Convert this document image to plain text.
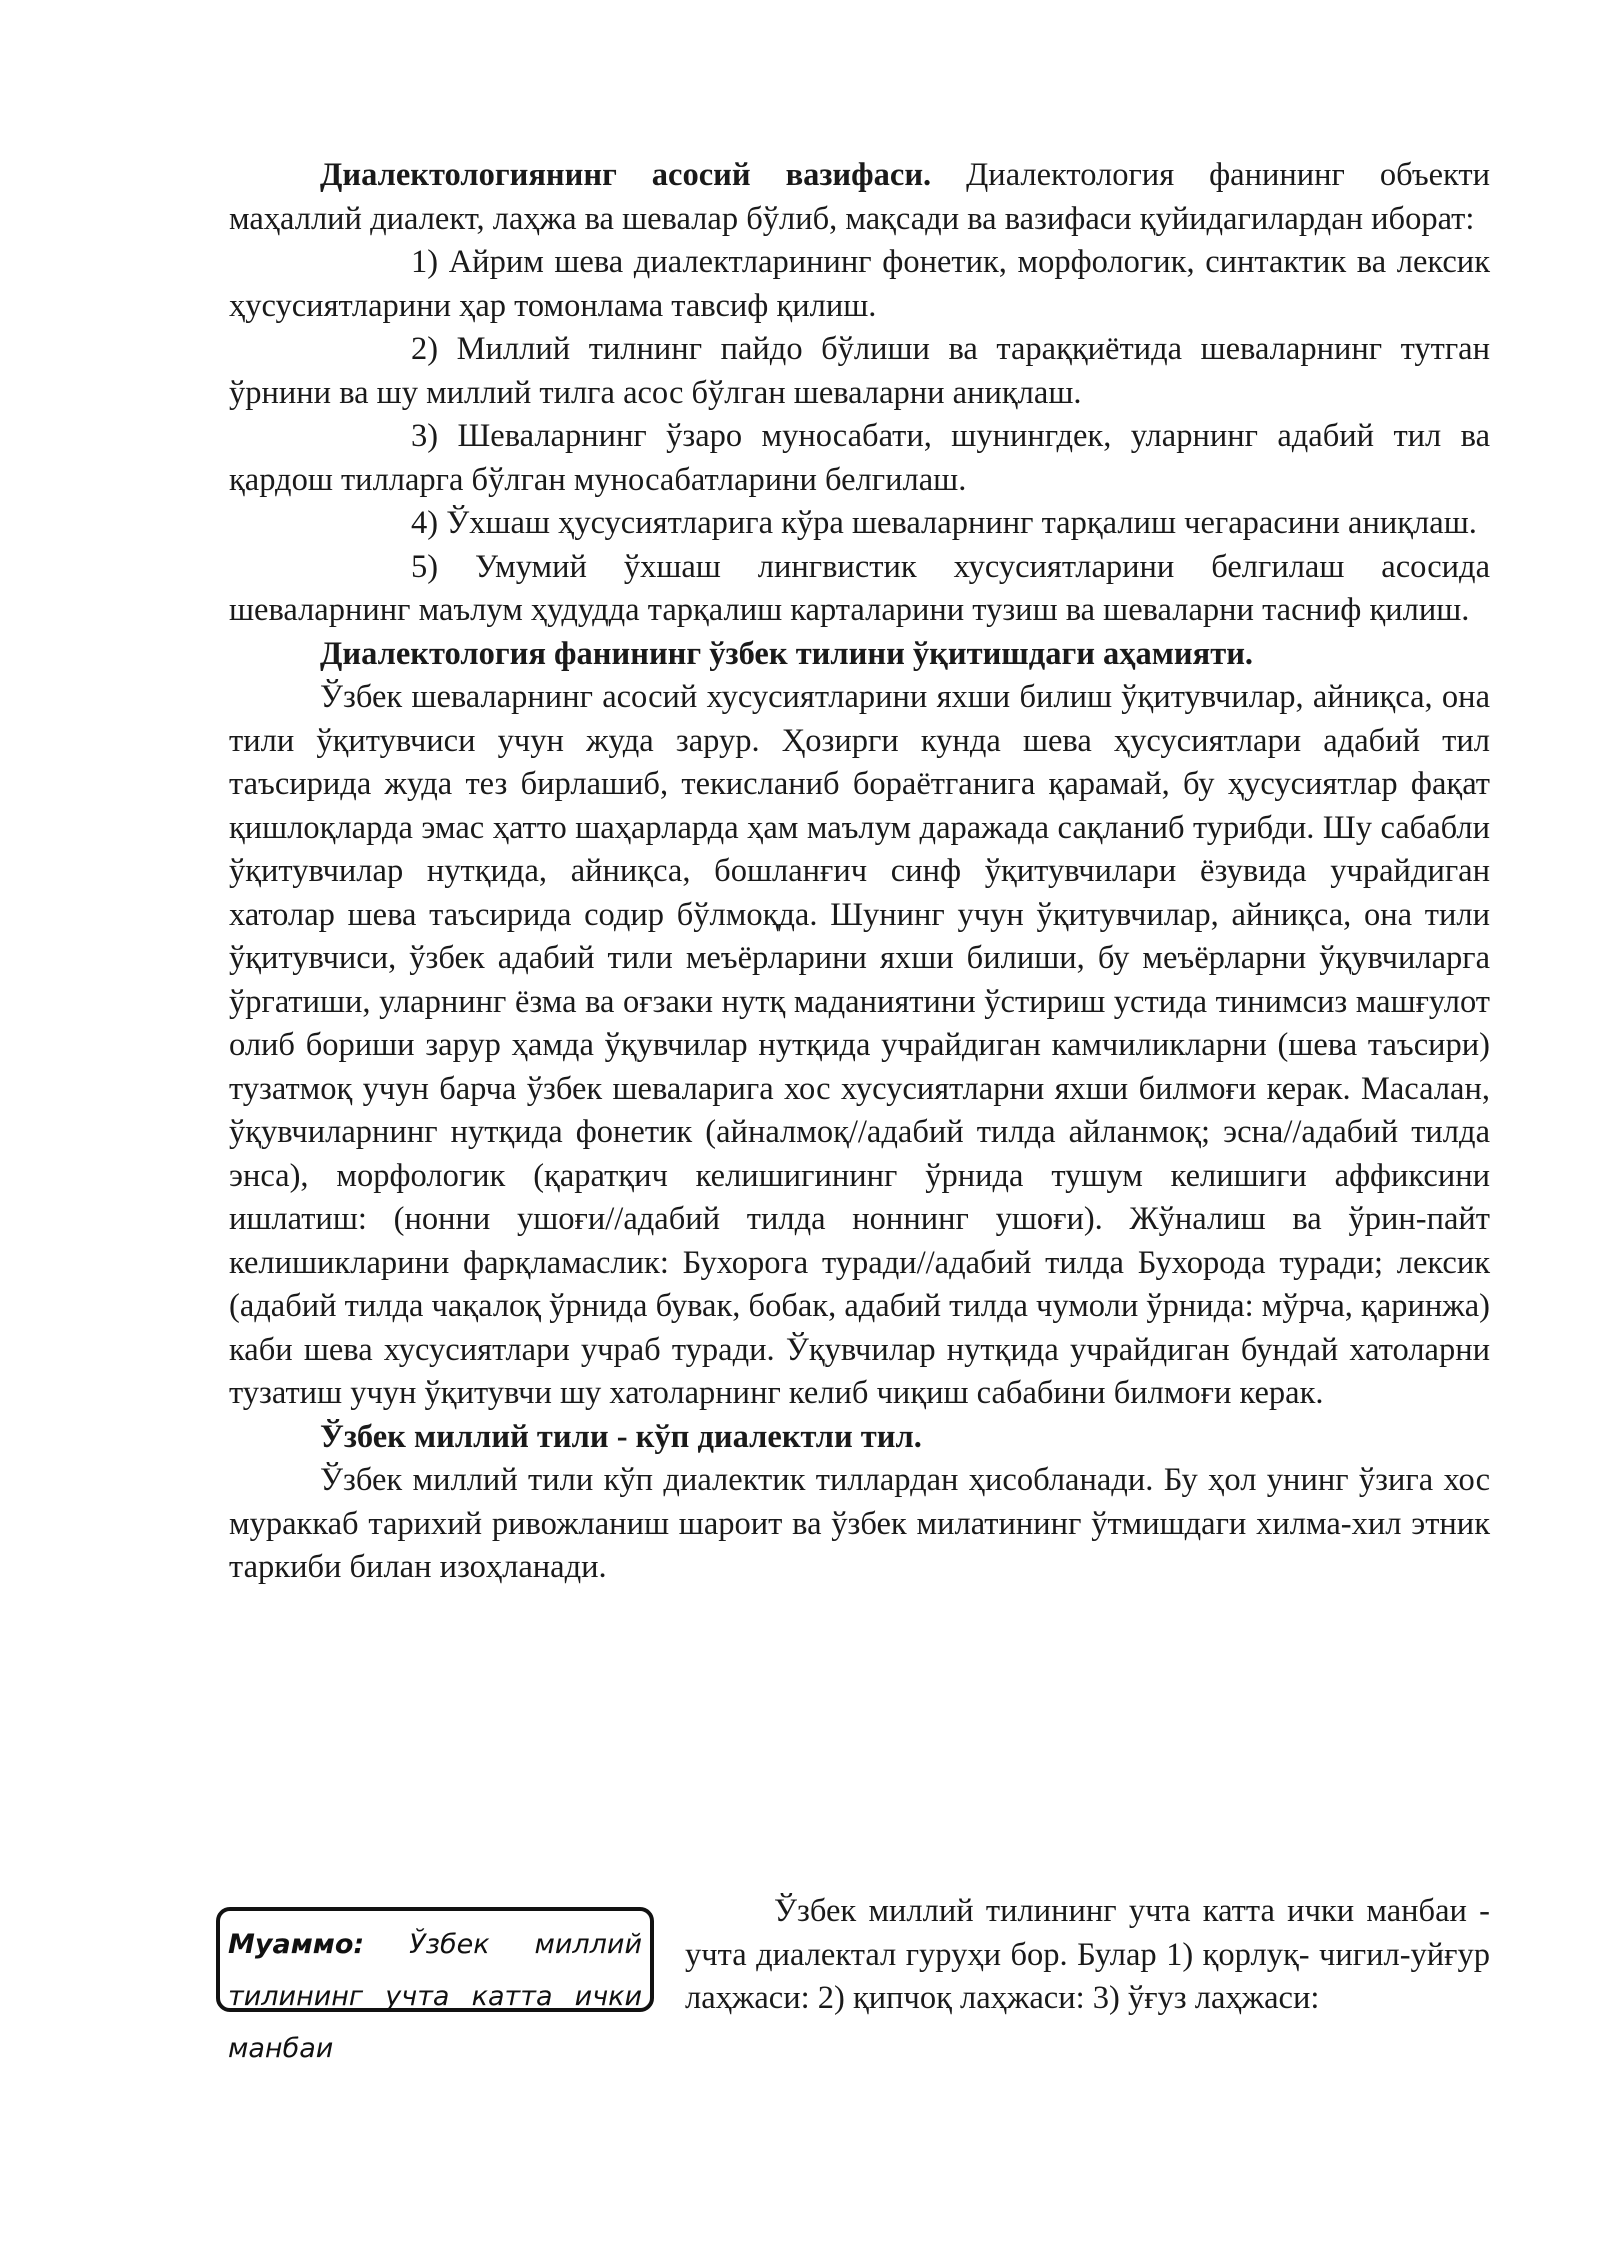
Диалектологиянинг асосий вазифаси. Диалектология фанининг объекти маҳаллий диалект, лаҳжа ва шевалар бўлиб, мақсади ва вазифаси қуйидагилардан иборат:

1) Айрим шева диалектларининг фонетик, морфологик, синтактик ва лексик ҳусусиятларини ҳар томонлама тавсиф қилиш.

2) Миллий тилнинг пайдо бўлиши ва тараққиётида шеваларнинг тутган ўрнини ва шу миллий тилга асос бўлган шеваларни аниқлаш.

3) Шеваларнинг ўзаро муносабати, шунингдек, уларнинг адабий тил ва қардош тилларга бўлган муносабатларини белгилаш.

4) Ўхшаш ҳусусиятларига кўра шеваларнинг тарқалиш чегарасини аниқлаш.

5) Умумий ўхшаш лингвистик хусусиятларини белгилаш асосида шеваларнинг маълум ҳудудда тарқалиш карталарини тузиш ва шеваларни тасниф қилиш.

Диалектология фанининг ўзбек тилини ўқитишдаги аҳамияти.

Ўзбек шеваларнинг асосий хусусиятларини яхши билиш ўқитувчилар, айниқса, она тили ўқитувчиси учун жуда зарур. Ҳозирги кунда шева ҳусусиятлари адабий тил таъсирида жуда тез бирлашиб, текисланиб бораётганига қарамай, бу ҳусусиятлар фақат қишлоқларда эмас ҳатто шаҳарларда ҳам маълум даражада сақланиб турибди. Шу сабабли ўқитувчилар нутқида, айниқса, бошланғич синф ўқитувчилари ёзувида учрайдиган хатолар шева таъсирида содир бўлмоқда. Шунинг учун ўқитувчилар, айниқса, она тили ўқитувчиси, ўзбек адабий тили меъёрларини яхши билиши, бу меъёрларни ўқувчиларга ўргатиши, уларнинг ёзма ва оғзаки нутқ маданиятини ўстириш устида тинимсиз машғулот олиб бориши зарур ҳамда ўқувчилар нутқида учрайдиган камчиликларни (шева таъсири) тузатмоқ учун барча ўзбек шеваларига хос хусусиятларни яхши билмоғи керак. Масалан, ўқувчиларнинг нутқида фонетик (айналмоқ//адабий тилда айланмоқ; эсна//адабий тилда энса), морфологик (қаратқич келишигининг ўрнида тушум келишиги аффиксини ишлатиш: (нонни ушоғи//адабий тилда ноннинг ушоғи). Жўналиш ва ўрин-пайт келишикларини фарқламаслик: Бухорога туради//адабий тилда Бухорода туради; лексик (адабий тилда чақалоқ ўрнида бувак, бобак, адабий тилда чумоли ўрнида: мўрча, қаринжа) каби шева хусусиятлари учраб туради. Ўқувчилар нутқида учрайдиган бундай хатоларни тузатиш учун ўқитувчи шу хатоларнинг келиб чиқиш сабабини билмоғи керак.

Ўзбек миллий тили - кўп диалектли тил.

Ўзбек миллий тили кўп диалектик тиллардан ҳисобланади. Бу ҳол унинг ўзига хос мураккаб тарихий ривожланиш шароит ва ўзбек милатининг ўтмишдаги хилма-хил этник таркиби билан изоҳланади.

Муаммо: Ўзбек миллий тилининг учта катта ички манбаи

Ўзбек миллий тилининг учта катта ички манбаи - учта диалектал гуруҳи бор. Булар 1) қорлуқ- чигил-уйғур лаҳжаси: 2) қипчоқ лаҳжаси: 3) ўғуз лаҳжаси:
